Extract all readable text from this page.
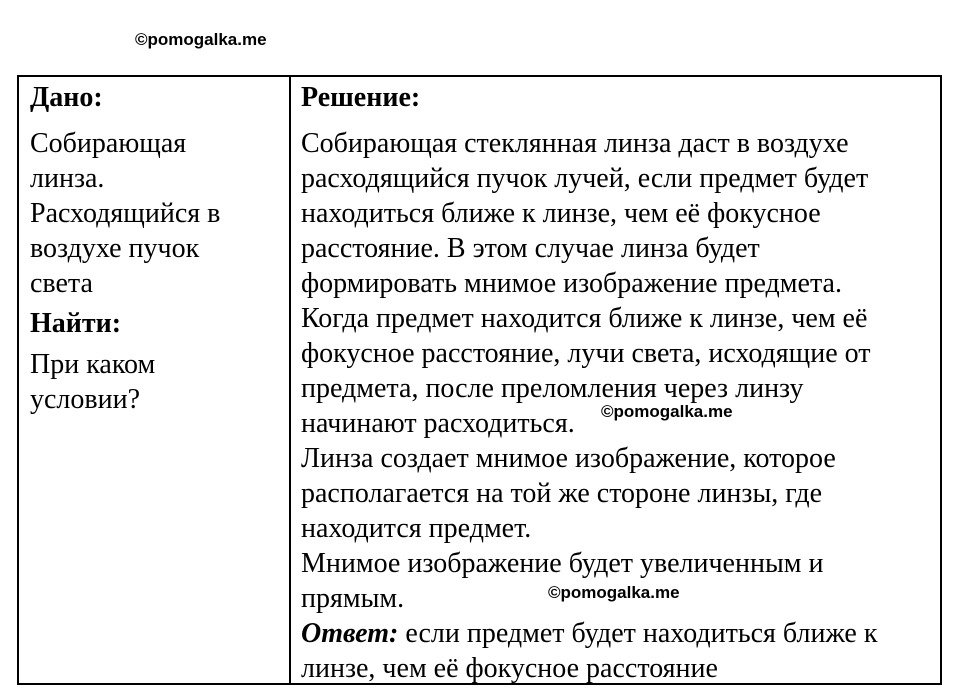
©pomogalka.me

Дано:

Собирающая

линза.

Расходящийся в

воздухе пучок

света

Найти:

При каком

условии?

Решение:

Собирающая стеклянная линза даст в воздухе

расходящийся пучок лучей, если предмет будет

находиться ближе к линзе, чем её фокусное

расстояние. В этом случае линза будет

формировать мнимое изображение предмета.

Когда предмет находится ближе к линзе, чем её

фокусное расстояние, лучи света, исходящие от

предмета, после преломления через линзу

начинают расходиться.

Линза создает мнимое изображение, которое

располагается на той же стороне линзы, где

находится предмет.

Мнимое изображение будет увеличенным и

прямым.

Ответ: если предмет будет находиться ближе к

линзе, чем её фокусное расстояние

©pomogalka.me
©pomogalka.me
